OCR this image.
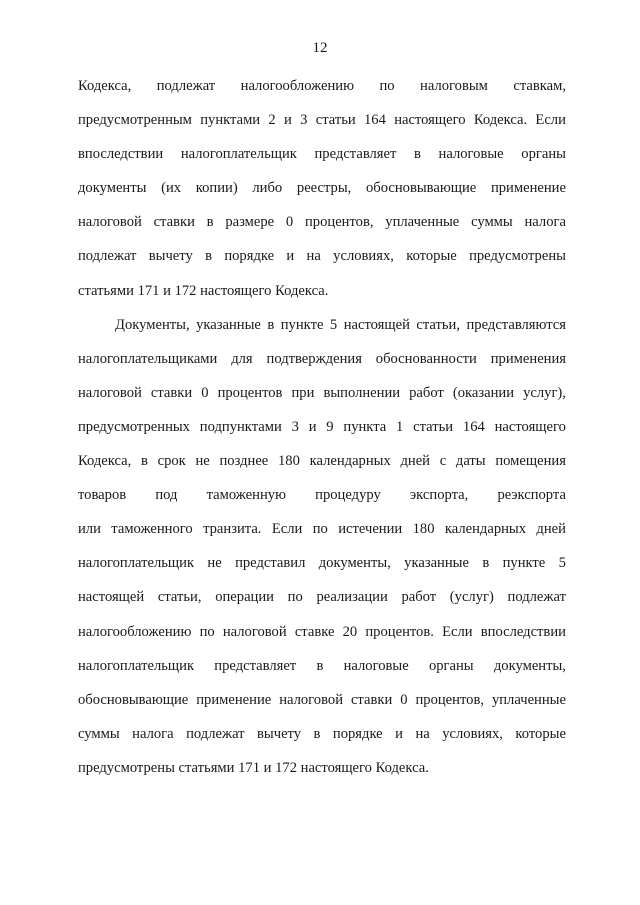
12
Кодекса, подлежат налогообложению по налоговым ставкам,
предусмотренным пунктами 2 и 3 статьи 164 настоящего Кодекса. Если
впоследствии налогоплательщик представляет в налоговые органы
документы (их копии) либо реестры, обосновывающие применение
налоговой ставки в размере 0 процентов, уплаченные суммы налога
подлежат вычету в порядке и на условиях, которые предусмотрены
статьями 171 и 172 настоящего Кодекса.
Документы, указанные в пункте 5 настоящей статьи, представляются
налогоплательщиками для подтверждения обоснованности применения
налоговой ставки 0 процентов при выполнении работ (оказании услуг),
предусмотренных подпунктами 3 и 9 пункта 1 статьи 164 настоящего
Кодекса, в срок не позднее 180 календарных дней с даты помещения
товаров под таможенную процедуру экспорта, реэкспорта
или таможенного транзита. Если по истечении 180 календарных дней
налогоплательщик не представил документы, указанные в пункте 5
настоящей статьи, операции по реализации работ (услуг) подлежат
налогообложению по налоговой ставке 20 процентов. Если впоследствии
налогоплательщик представляет в налоговые органы документы,
обосновывающие применение налоговой ставки 0 процентов, уплаченные
суммы налога подлежат вычету в порядке и на условиях, которые
предусмотрены статьями 171 и 172 настоящего Кодекса.
